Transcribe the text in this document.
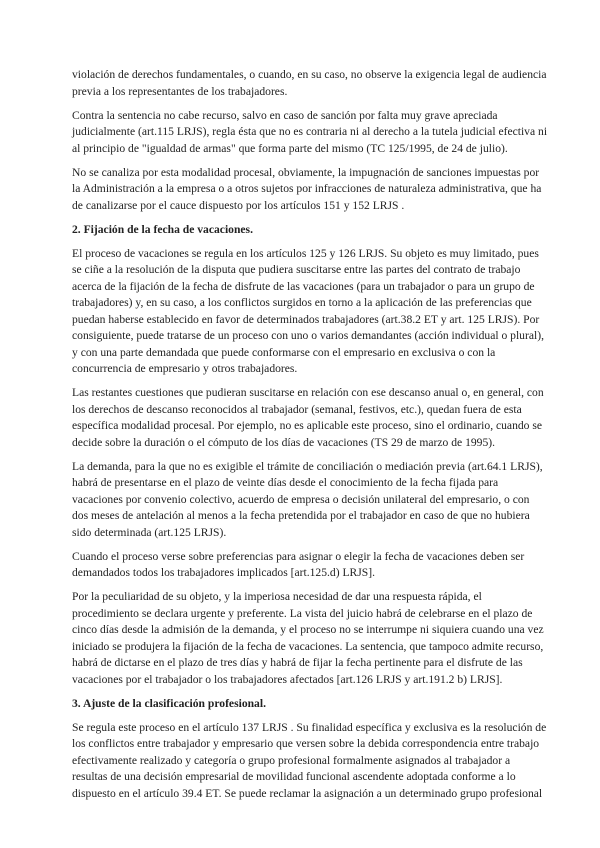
violación de derechos fundamentales, o cuando, en su caso, no observe la exigencia legal de audiencia
previa a los representantes de los trabajadores.
Contra la sentencia no cabe recurso, salvo en caso de sanción por falta muy grave apreciada
judicialmente (art.115 LRJS), regla ésta que no es contraria ni al derecho a la tutela judicial efectiva ni
al principio de "igualdad de armas" que forma parte del mismo (TC 125/1995, de 24 de julio).
No se canaliza por esta modalidad procesal, obviamente, la impugnación de sanciones impuestas por
la Administración a la empresa o a otros sujetos por infracciones de naturaleza administrativa, que ha
de canalizarse por el cauce dispuesto por los artículos 151 y 152 LRJS .
2. Fijación de la fecha de vacaciones.
El proceso de vacaciones se regula en los artículos 125 y 126 LRJS. Su objeto es muy limitado, pues
se ciñe a la resolución de la disputa que pudiera suscitarse entre las partes del contrato de trabajo
acerca de la fijación de la fecha de disfrute de las vacaciones (para un trabajador o para un grupo de
trabajadores) y, en su caso, a los conflictos surgidos en torno a la aplicación de las preferencias que
puedan haberse establecido en favor de determinados trabajadores (art.38.2 ET y art. 125 LRJS). Por
consiguiente, puede tratarse de un proceso con uno o varios demandantes (acción individual o plural),
y con una parte demandada que puede conformarse con el empresario en exclusiva o con la
concurrencia de empresario y otros trabajadores.
Las restantes cuestiones que pudieran suscitarse en relación con ese descanso anual o, en general, con
los derechos de descanso reconocidos al trabajador (semanal, festivos, etc.), quedan fuera de esta
específica modalidad procesal. Por ejemplo, no es aplicable este proceso, sino el ordinario, cuando se
decide sobre la duración o el cómputo de los días de vacaciones (TS 29 de marzo de 1995).
La demanda, para la que no es exigible el trámite de conciliación o mediación previa (art.64.1 LRJS),
habrá de presentarse en el plazo de veinte días desde el conocimiento de la fecha fijada para
vacaciones por convenio colectivo, acuerdo de empresa o decisión unilateral del empresario, o con
dos meses de antelación al menos a la fecha pretendida por el trabajador en caso de que no hubiera
sido determinada (art.125 LRJS).
Cuando el proceso verse sobre preferencias para asignar o elegir la fecha de vacaciones deben ser
demandados todos los trabajadores implicados [art.125.d) LRJS].
Por la peculiaridad de su objeto, y la imperiosa necesidad de dar una respuesta rápida, el
procedimiento se declara urgente y preferente. La vista del juicio habrá de celebrarse en el plazo de
cinco días desde la admisión de la demanda, y el proceso no se interrumpe ni siquiera cuando una vez
iniciado se produjera la fijación de la fecha de vacaciones. La sentencia, que tampoco admite recurso,
habrá de dictarse en el plazo de tres días y habrá de fijar la fecha pertinente para el disfrute de las
vacaciones por el trabajador o los trabajadores afectados [art.126 LRJS y art.191.2 b) LRJS].
3. Ajuste de la clasificación profesional.
Se regula este proceso en el artículo 137 LRJS . Su finalidad específica y exclusiva es la resolución de
los conflictos entre trabajador y empresario que versen sobre la debida correspondencia entre trabajo
efectivamente realizado y categoría o grupo profesional formalmente asignados al trabajador a
resultas de una decisión empresarial de movilidad funcional ascendente adoptada conforme a lo
dispuesto en el artículo 39.4 ET. Se puede reclamar la asignación a un determinado grupo profesional
